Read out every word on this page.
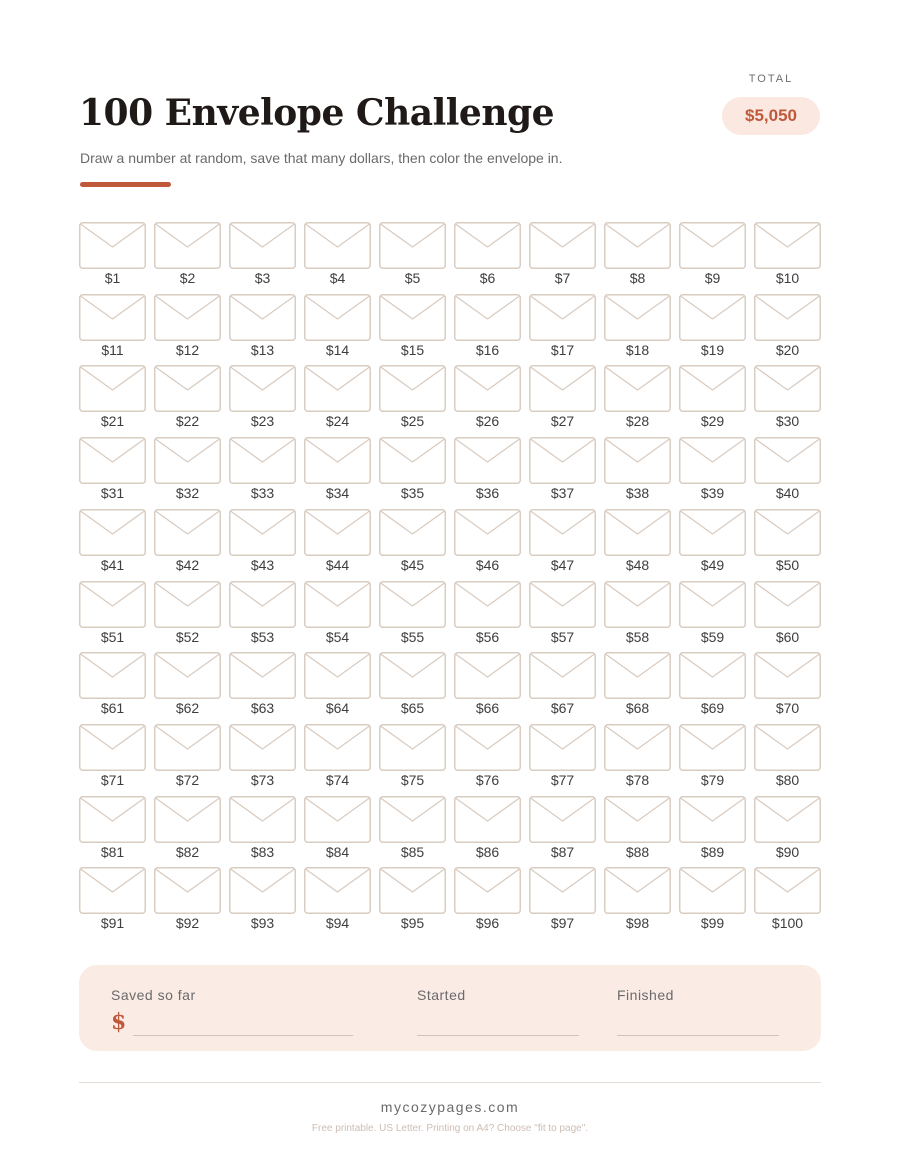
TOTAL
$5,050
100 Envelope Challenge
Draw a number at random, save that many dollars, then color the envelope in.
$1	$2	$3	$4	$5	$6	$7	$8	$9	$10
$11	$12	$13	$14	$15	$16	$17	$18	$19	$20
$21	$22	$23	$24	$25	$26	$27	$28	$29	$30
$31	$32	$33	$34	$35	$36	$37	$38	$39	$40
$41	$42	$43	$44	$45	$46	$47	$48	$49	$50
$51	$52	$53	$54	$55	$56	$57	$58	$59	$60
$61	$62	$63	$64	$65	$66	$67	$68	$69	$70
$71	$72	$73	$74	$75	$76	$77	$78	$79	$80
$81	$82	$83	$84	$85	$86	$87	$88	$89	$90
$91	$92	$93	$94	$95	$96	$97	$98	$99	$100
Saved so far
$
Started	Finished
mycozypages.com
Free printable. US Letter. Printing on A4? Choose "fit to page".
